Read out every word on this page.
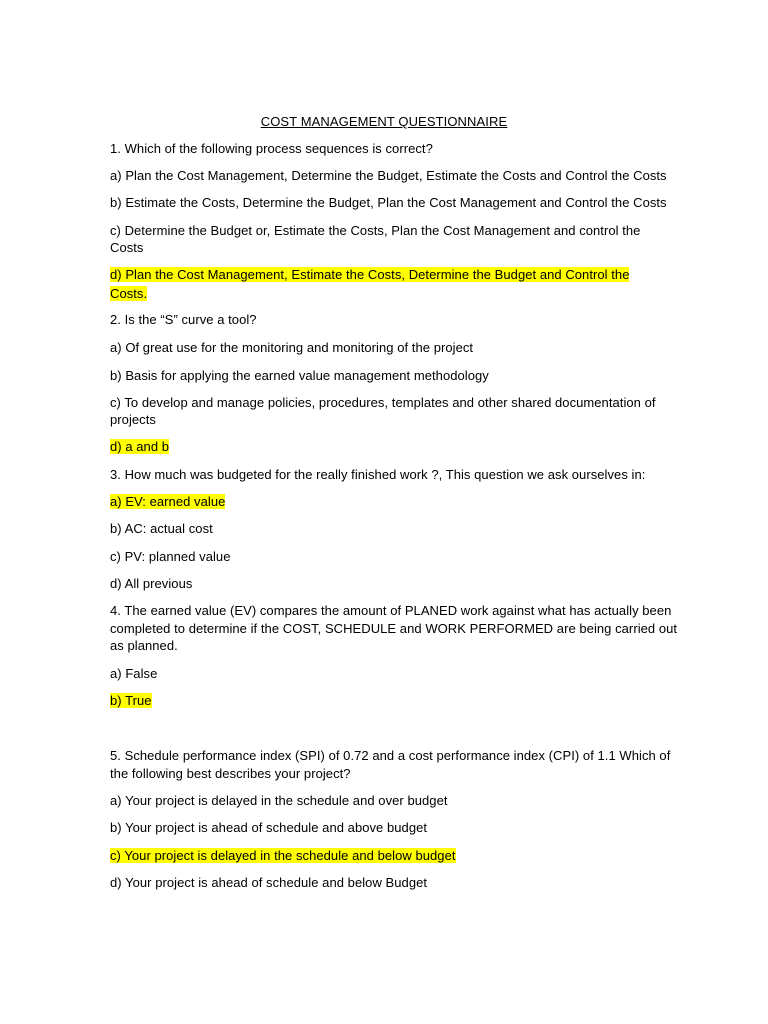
COST MANAGEMENT QUESTIONNAIRE
1. Which of the following process sequences is correct?
a) Plan the Cost Management, Determine the Budget, Estimate the Costs and Control the Costs
b) Estimate the Costs, Determine the Budget, Plan the Cost Management and Control the Costs
c) Determine the Budget or, Estimate the Costs, Plan the Cost Management and control the
Costs
d) Plan the Cost Management, Estimate the Costs, Determine the Budget and Control the
Costs.
2. Is the “S” curve a tool?
a) Of great use for the monitoring and monitoring of the project
b) Basis for applying the earned value management methodology
c) To develop and manage policies, procedures, templates and other shared documentation of
projects
d) a and b
3. How much was budgeted for the really finished work ?, This question we ask ourselves in:
a) EV: earned value
b) AC: actual cost
c) PV: planned value
d) All previous
4. The earned value (EV) compares the amount of PLANED work against what has actually been
completed to determine if the COST, SCHEDULE and WORK PERFORMED are being carried out
as planned.
a) False
b) True
5. Schedule performance index (SPI) of 0.72 and a cost performance index (CPI) of 1.1 Which of
the following best describes your project?
a) Your project is delayed in the schedule and over budget
b) Your project is ahead of schedule and above budget
c) Your project is delayed in the schedule and below budget
d) Your project is ahead of schedule and below Budget
